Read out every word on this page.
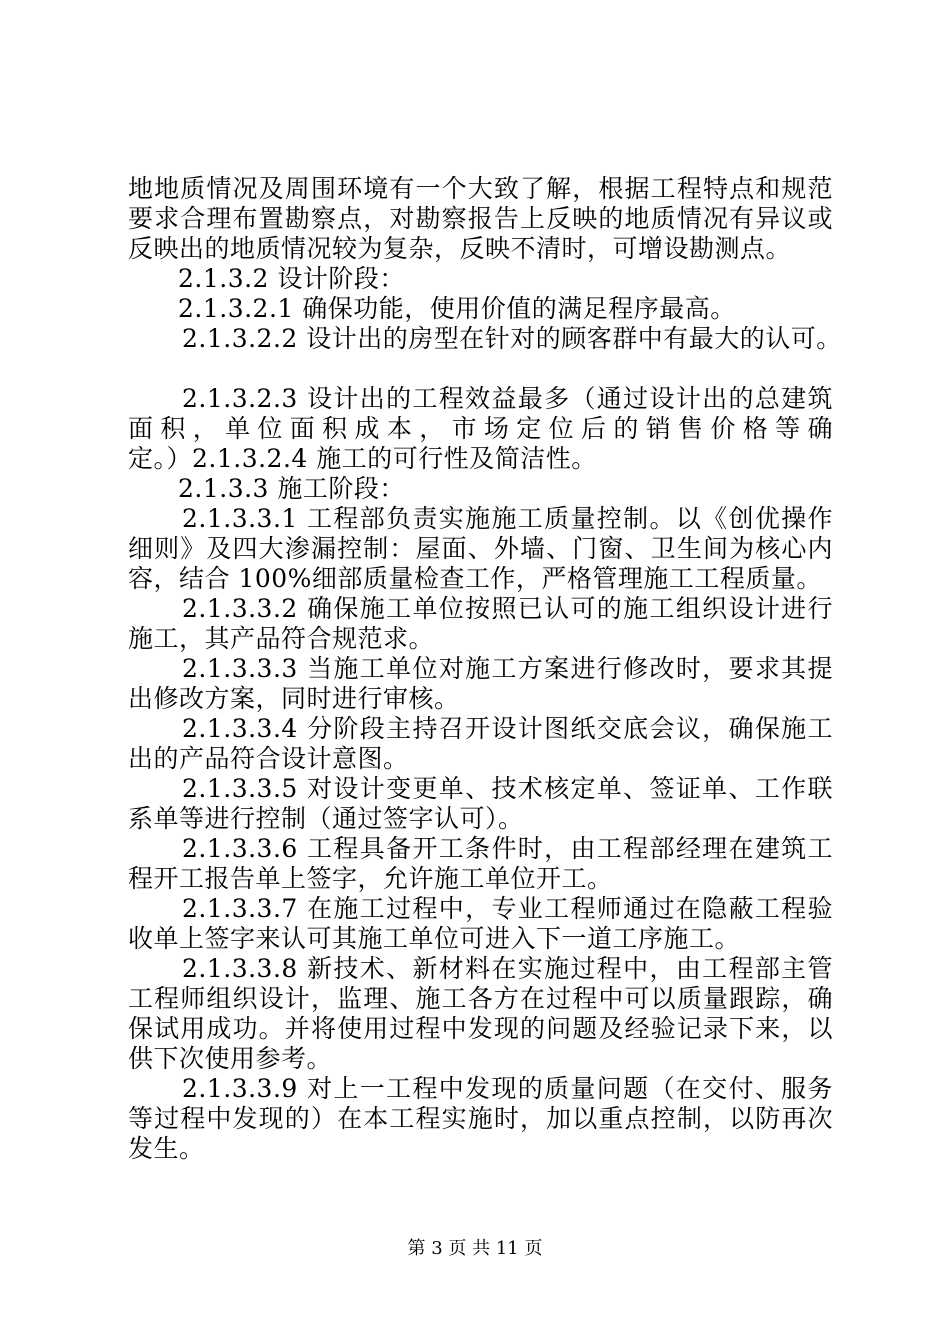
地地质情况及周围环境有一个大致了解，根据工程特点和规范
要求合理布置勘察点，对勘察报告上反映的地质情况有异议或
反映出的地质情况较为复杂，反映不清时，可增设勘测点。
2.1.3.2 设计阶段：
2.1.3.2.1 确保功能，使用价值的满足程序最高。
2.1.3.2.2 设计出的房型在针对的顾客群中有最大的认可。
2.1.3.2.3 设计出的工程效益最多（通过设计出的总建筑
面积，单位面积成本，市场定位后的销售价格等确
定。）2.1.3.2.4 施工的可行性及简洁性。
2.1.3.3 施工阶段：
2.1.3.3.1 工程部负责实施施工质量控制。以《创优操作
细则》及四大渗漏控制：屋面、外墙、门窗、卫生间为核心内
容，结合 100%细部质量检查工作，严格管理施工工程质量。
2.1.3.3.2 确保施工单位按照已认可的施工组织设计进行
施工，其产品符合规范求。
2.1.3.3.3 当施工单位对施工方案进行修改时，要求其提
出修改方案，同时进行审核。
2.1.3.3.4 分阶段主持召开设计图纸交底会议，确保施工
出的产品符合设计意图。
2.1.3.3.5 对设计变更单、技术核定单、签证单、工作联
系单等进行控制（通过签字认可）。
2.1.3.3.6 工程具备开工条件时，由工程部经理在建筑工
程开工报告单上签字，允许施工单位开工。
2.1.3.3.7 在施工过程中，专业工程师通过在隐蔽工程验
收单上签字来认可其施工单位可进入下一道工序施工。
2.1.3.3.8 新技术、新材料在实施过程中，由工程部主管
工程师组织设计，监理、施工各方在过程中可以质量跟踪，确
保试用成功。并将使用过程中发现的问题及经验记录下来，以
供下次使用参考。
2.1.3.3.9 对上一工程中发现的质量问题（在交付、服务
等过程中发现的）在本工程实施时，加以重点控制，以防再次
发生。
第 3 页 共 11 页
